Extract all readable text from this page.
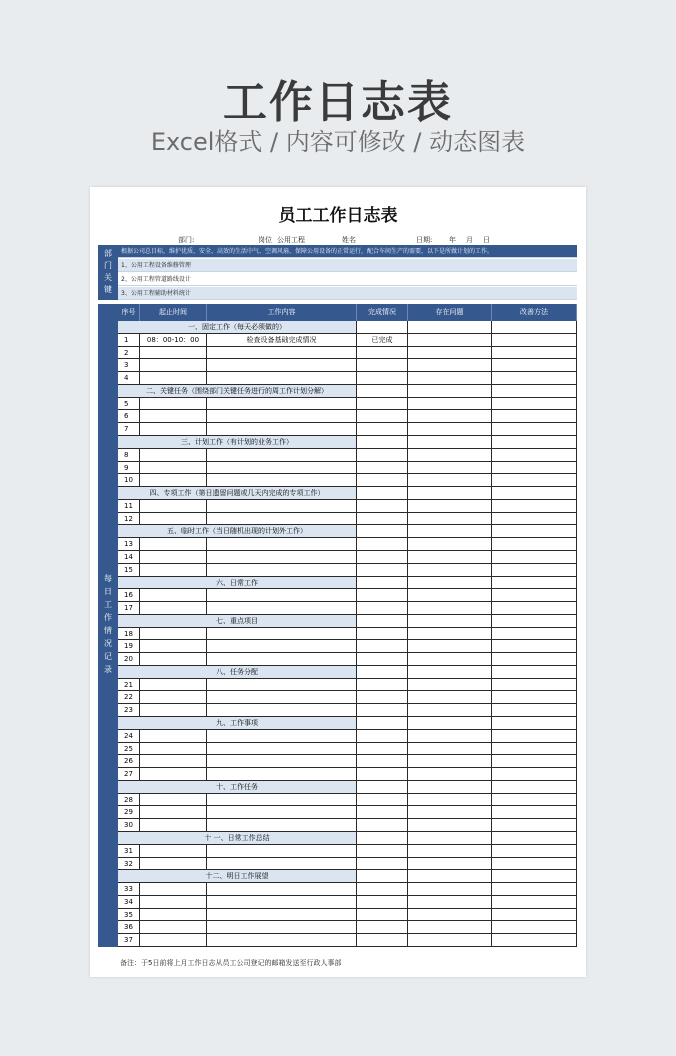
工作日志表
Excel格式 / 内容可修改 / 动态图表
员工工作日志表
部门:	岗位 公用工程	姓名	日期: 年 月 日
部门关键	根据公司总目标，维护优质、安全、高效的生活中气、空调风扇、保障公用设备的正常运行，配合车间生产的需要，以下是所做计划的工作。
1、公用工程设备维修管理
2、公用工程管道路线设计
3、公用工程辅助材料统计
每日工作情况记录
序号	起止时间	工作内容	完成情况	存在问题	改善方法
一、固定工作（每天必须做的）
1	08：00-10：00	检查设备基础完成情况	已完成
2
3
4
二、关键任务（围绕部门关键任务进行的周工作计划分解）
5
6
7
三、计划工作（有计划的业务工作）
8
9
10
四、专项工作（第日遗留问题或几天内完成的专项工作）
11
12
五、临时工作（当日随机出现的计划外工作）
13
14
15
六、日常工作
16
17
七、重点项目
18
19
20
八、任务分配
21
22
23
九、工作事项
24
25
26
27
十、工作任务
28
29
30
十 一、日常工作总结
31
32
十二、明日工作展望
33
34
35
36
37
备注：于5日前将上月工作日志从员工公司登记的邮箱发送至行政人事部
